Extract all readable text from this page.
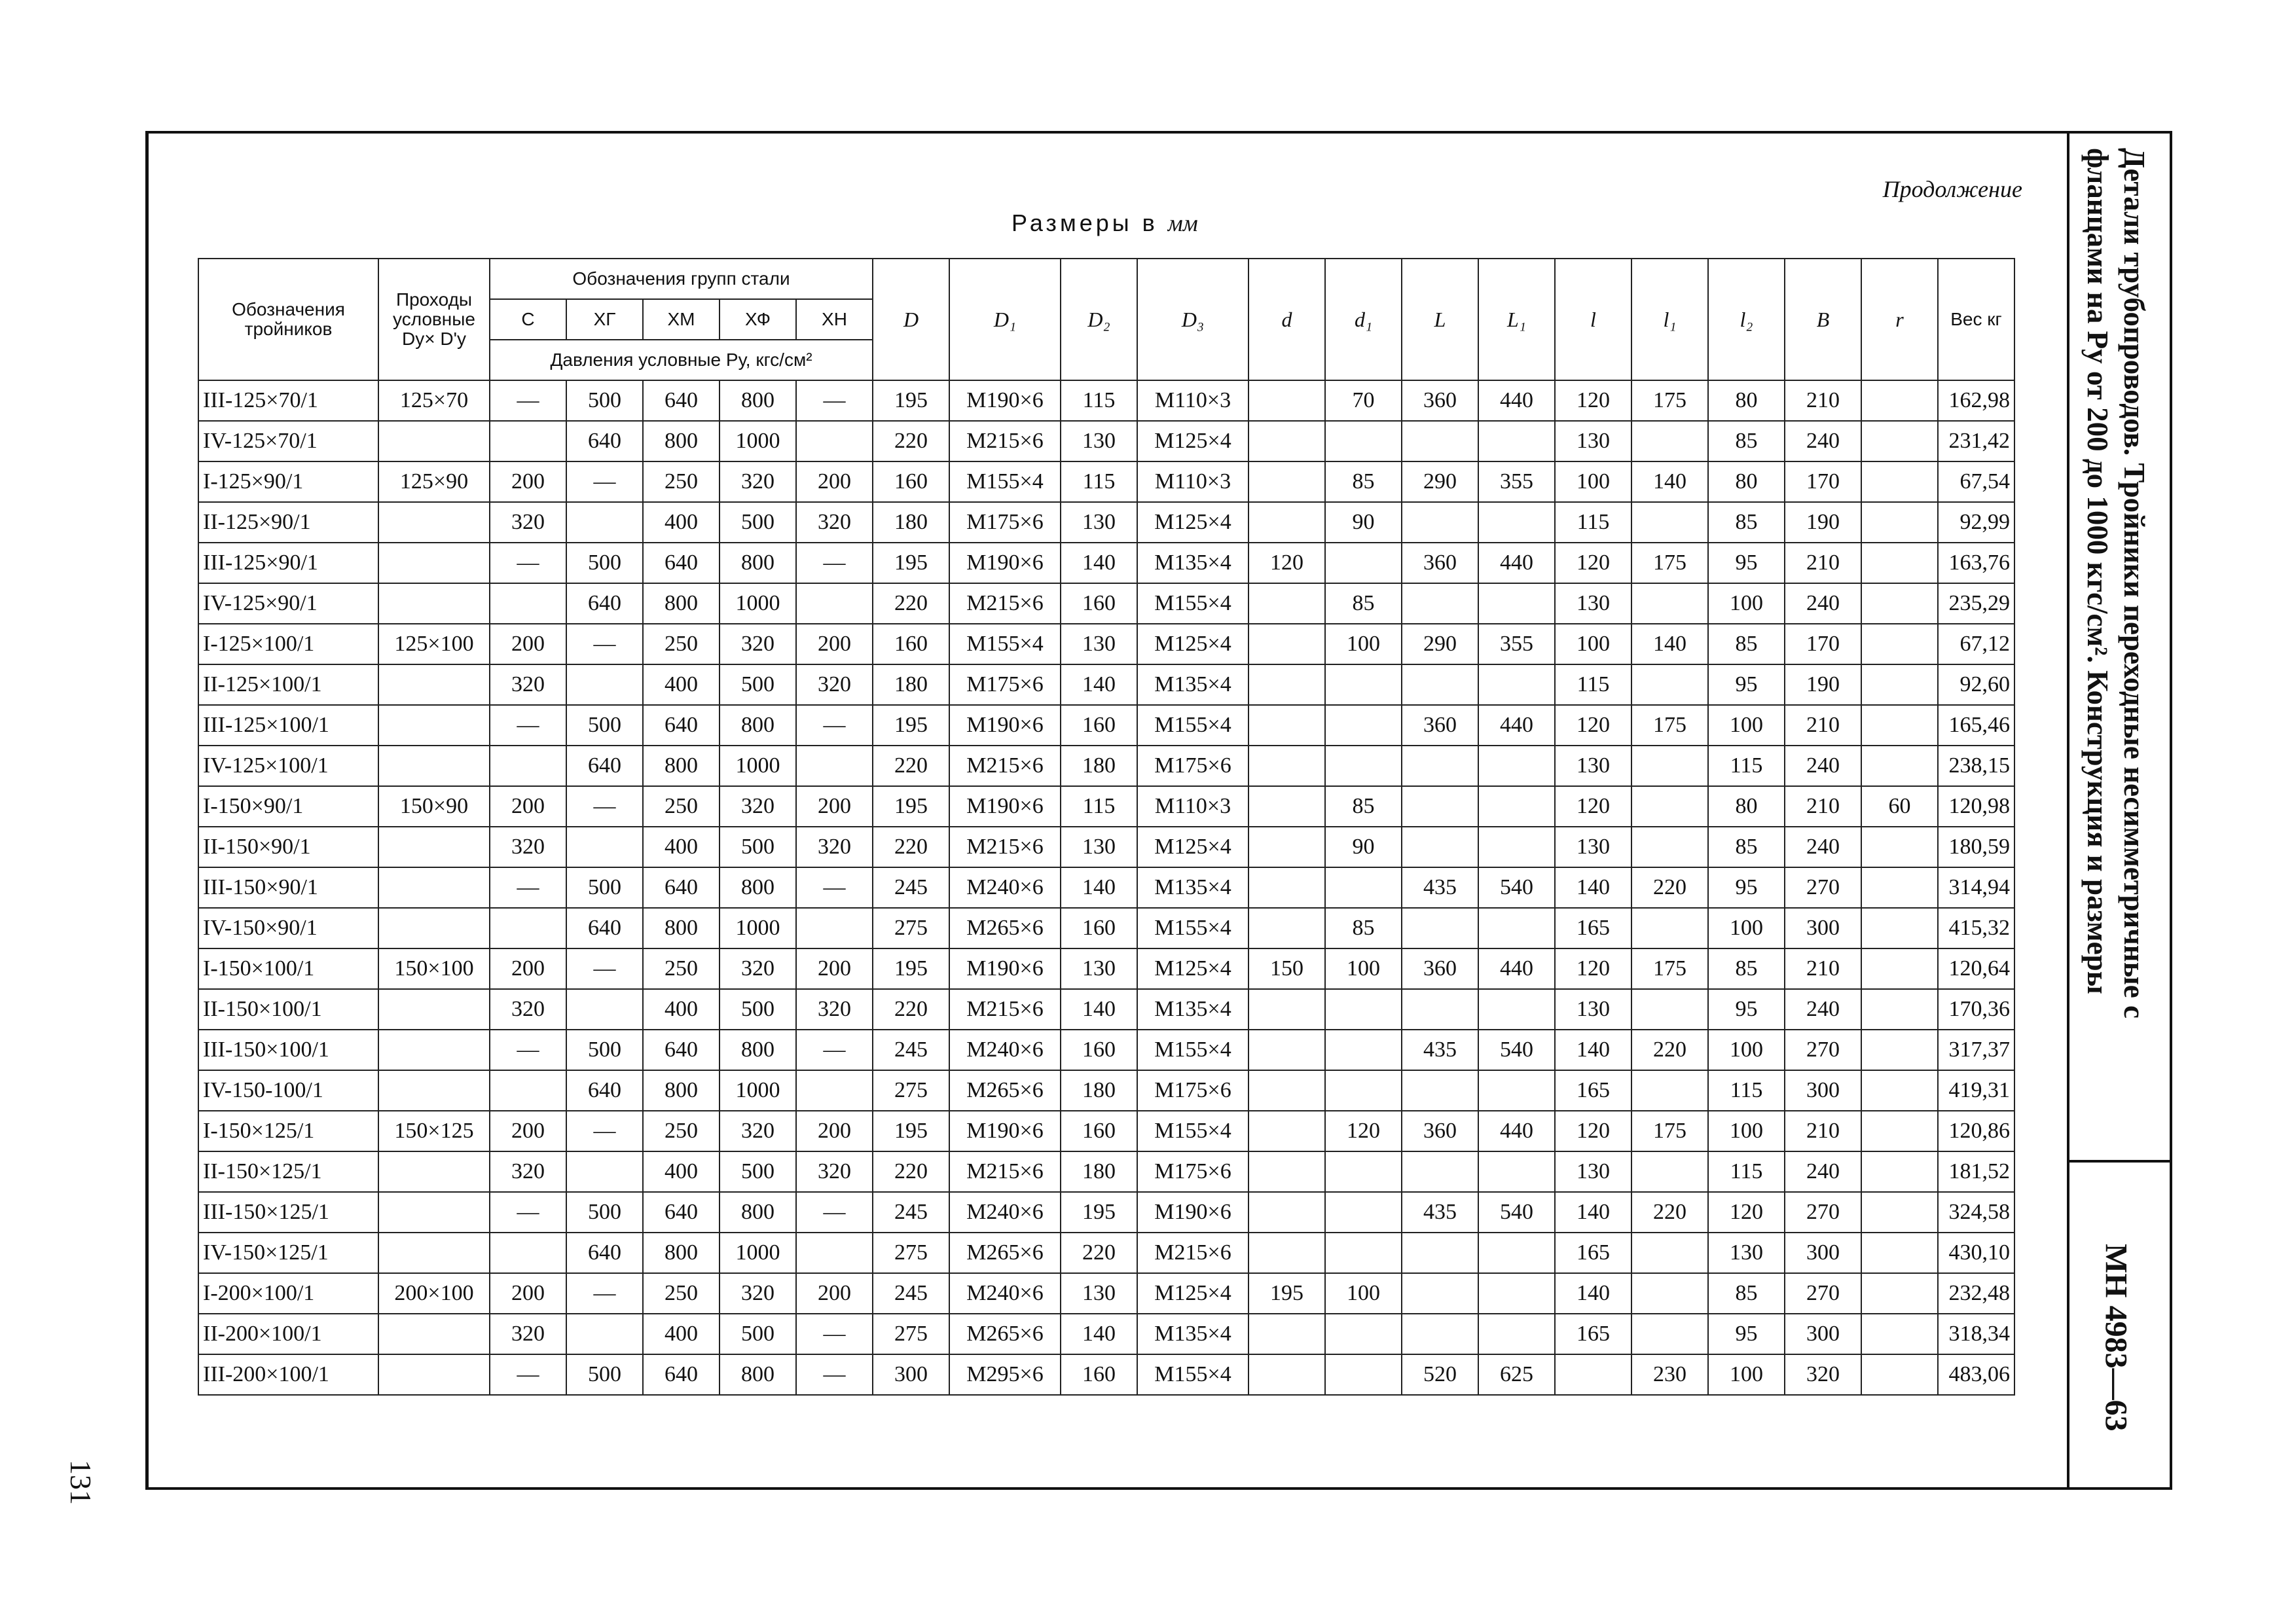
131
Продолжение
Размеры в мм	Детали трубопроводов. Тройники переходные несимметричные с фланцами на Pу от 200 до 1000 кгс/см². Конструкция и размеры
МН 4983—63
Обозначения тройников	Проходы условные Dу× D'у	Обозначения групп стали					D	D₁	D₂	D₃	d	d₁	L	L₁	l	l₁	l₂	B	r	Вес кг
		С	ХГ	ХМ	ХФ	ХН														
		Давления условные Pу, кгс/см²																		
III-125×70/1	125×70	—	500	640	800	—	195	М190×6	115	М110×3		70	360	440	120	175	80	210		162,98
IV-125×70/1			640	800	1000		220	М215×6	130	М125×4					130		85	240		231,42
I-125×90/1	125×90	200	—	250	320	200	160	М155×4	115	М110×3		85	290	355	100	140	80	170		67,54
II-125×90/1		320		400	500	320	180	М175×6	130	М125×4		90			115		85	190		92,99
III-125×90/1		—	500	640	800	—	195	М190×6	140	М135×4	120		360	440	120	175	95	210		163,76
IV-125×90/1			640	800	1000		220	М215×6	160	М155×4		85			130		100	240		235,29
I-125×100/1	125×100	200	—	250	320	200	160	М155×4	130	М125×4		100	290	355	100	140	85	170		67,12
II-125×100/1		320		400	500	320	180	М175×6	140	М135×4					115		95	190		92,60
III-125×100/1		—	500	640	800	—	195	М190×6	160	М155×4			360	440	120	175	100	210		165,46
IV-125×100/1			640	800	1000		220	М215×6	180	М175×6					130		115	240		238,15
I-150×90/1	150×90	200	—	250	320	200	195	М190×6	115	М110×3		85			120		80	210	60	120,98
II-150×90/1		320		400	500	320	220	М215×6	130	М125×4		90			130		85	240		180,59
III-150×90/1		—	500	640	800	—	245	М240×6	140	М135×4			435	540	140	220	95	270		314,94
IV-150×90/1			640	800	1000		275	М265×6	160	М155×4		85			165		100	300		415,32
I-150×100/1	150×100	200	—	250	320	200	195	М190×6	130	М125×4	150	100	360	440	120	175	85	210		120,64
II-150×100/1		320		400	500	320	220	М215×6	140	М135×4					130		95	240		170,36
III-150×100/1		—	500	640	800	—	245	М240×6	160	М155×4			435	540	140	220	100	270		317,37
IV-150-100/1			640	800	1000		275	М265×6	180	М175×6					165		115	300		419,31
I-150×125/1	150×125	200	—	250	320	200	195	М190×6	160	М155×4		120	360	440	120	175	100	210		120,86
II-150×125/1		320		400	500	320	220	М215×6	180	М175×6					130		115	240		181,52
III-150×125/1		—	500	640	800	—	245	М240×6	195	М190×6			435	540	140	220	120	270		324,58
IV-150×125/1			640	800	1000		275	М265×6	220	М215×6					165		130	300		430,10
I-200×100/1	200×100	200	—	250	320	200	245	М240×6	130	М125×4	195	100			140		85	270		232,48
II-200×100/1		320		400	500	—	275	М265×6	140	М135×4					165		95	300		318,34
III-200×100/1		—	500	640	800	—	300	М295×6	160	М155×4			520	625		230	100	320		483,06
